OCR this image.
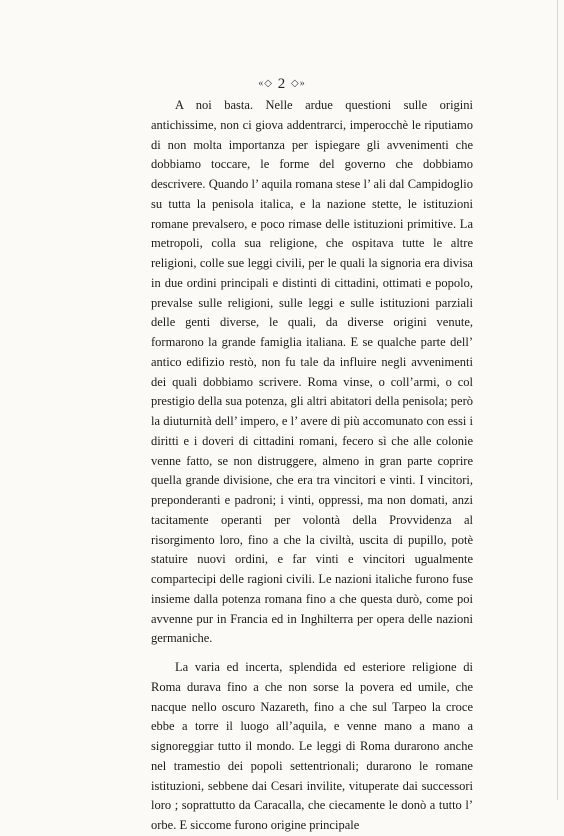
«◇ 2 ◇»

A noi basta. Nelle ardue questioni sulle origini antichissime, non ci giova addentrarci, imperocchè le riputiamo di non molta importanza per ispiegare gli avvenimenti che dobbiamo toccare, le forme del governo che dobbiamo descrivere. Quando l’ aquila romana stese l’ ali dal Campidoglio su tutta la penisola italica, e la nazione stette, le istituzioni romane prevalsero, e poco rimase delle istituzioni primitive. La metropoli, colla sua religione, che ospitava tutte le altre religioni, colle sue leggi civili, per le quali la signoria era divisa in due ordini principali e distinti di cittadini, ottimati e popolo, prevalse sulle religioni, sulle leggi e sulle istituzioni parziali delle genti diverse, le quali, da diverse origini venute, formarono la grande famiglia italiana. E se qualche parte dell’ antico edifizio restò, non fu tale da influire negli avvenimenti dei quali dobbiamo scrivere. Roma vinse, o coll’armi, o col prestigio della sua potenza, gli altri abitatori della penisola; però la diuturnità dell’ impero, e l’ avere di più accomunato con essi i diritti e i doveri di cittadini romani, fecero sì che alle colonie venne fatto, se non distruggere, almeno in gran parte coprire quella grande divisione, che era tra vincitori e vinti. I vincitori, preponderanti e padroni; i vinti, oppressi, ma non domati, anzi tacitamente operanti per volontà della Provvidenza al risorgimento loro, fino a che la civiltà, uscita di pupillo, potè statuire nuovi ordini, e far vinti e vincitori ugualmente compartecipi delle ragioni civili. Le nazioni italiche furono fuse insieme dalla potenza romana fino a che questa durò, come poi avvenne pur in Francia ed in Inghilterra per opera delle nazioni germaniche.

La varia ed incerta, splendida ed esteriore religione di Roma durava fino a che non sorse la povera ed umile, che nacque nello oscuro Nazareth, fino a che sul Tarpeo la croce ebbe a torre il luogo all’aquila, e venne mano a mano a signoreggiar tutto il mondo. Le leggi di Roma durarono anche nel tramestio dei popoli settentrionali; durarono le romane istituzioni, sebbene dai Cesari invilite, vituperate dai successori loro ; soprattutto da Caracalla, che ciecamente le donò a tutto l’ orbe. E siccome furono origine principale
